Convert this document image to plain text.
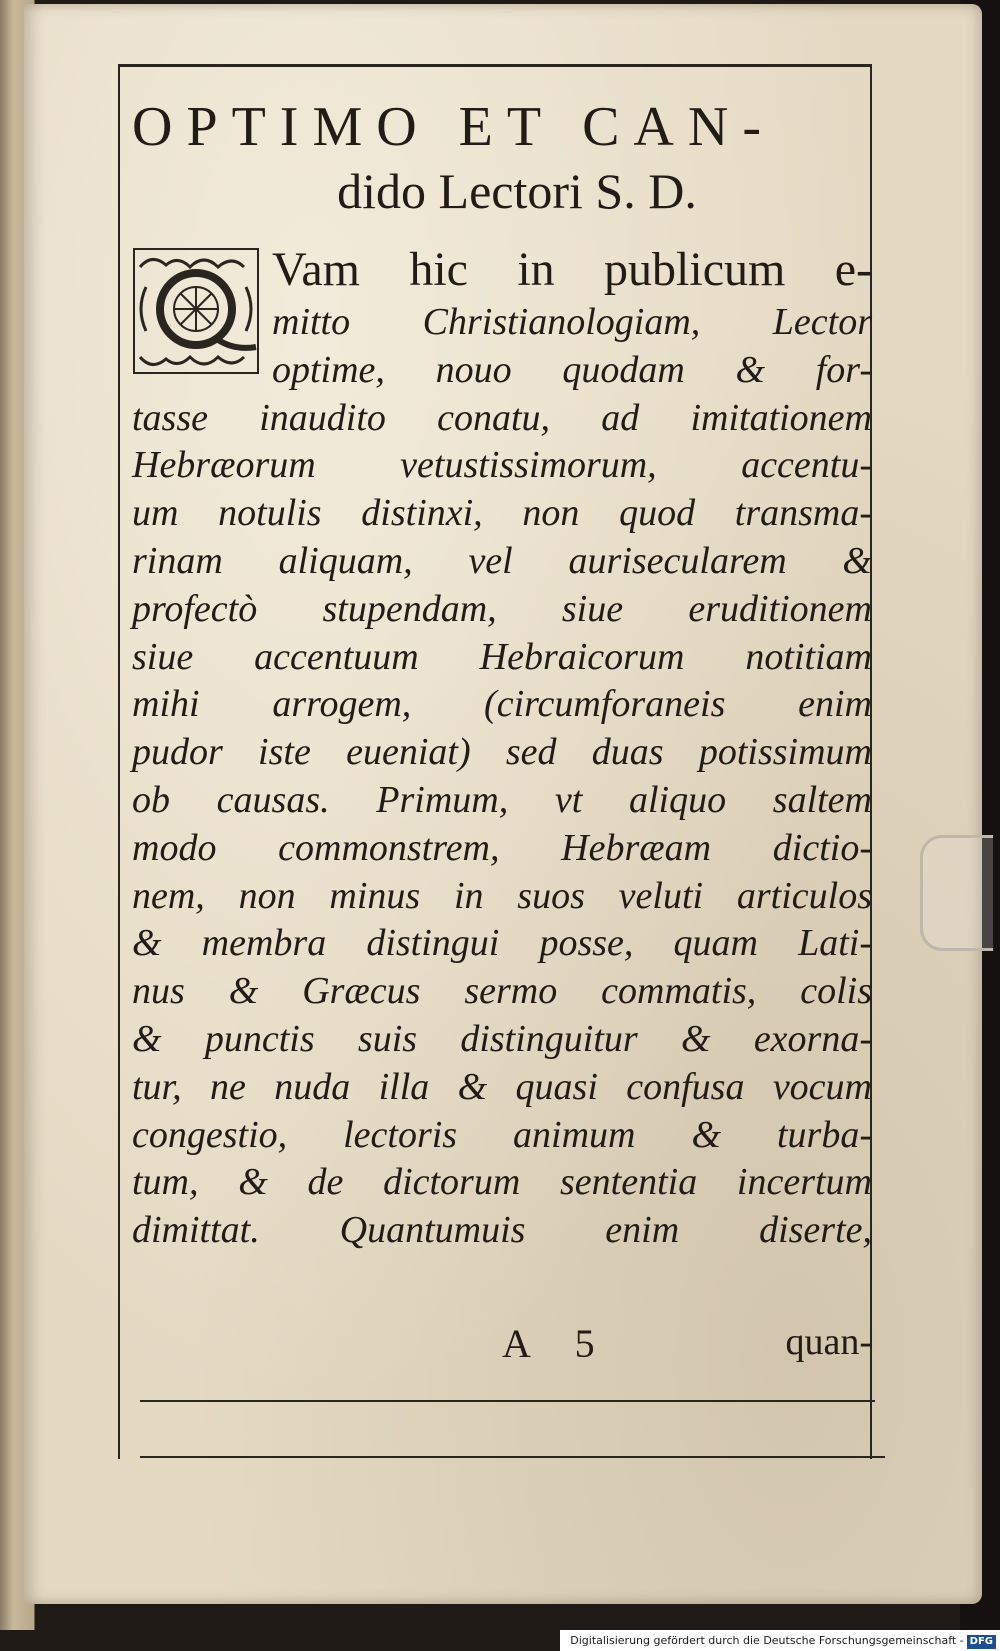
OPTIMO ET CAN-
dido Lectori S. D.
Vam hic in publicum e-
mitto Christianologiam, Lector
optime, nouo quodam & for-
tasse inaudito conatu, ad imitationem
Hebræorum vetustissimorum, accentu-
um notulis distinxi, non quod transma-
rinam aliquam, vel aurisecularem &
profectò stupendam, siue eruditionem
siue accentuum Hebraicorum notitiam
mihi arrogem, (circumforaneis enim
pudor iste eueniat) sed duas potissimum
ob causas. Primum, vt aliquo saltem
modo commonstrem, Hebræam dictio-
nem, non minus in suos veluti articulos
& membra distingui posse, quam Lati-
nus & Græcus sermo commatis, colis
& punctis suis distinguitur & exorna-
tur, ne nuda illa & quasi confusa vocum
congestio, lectoris animum & turba-
tum, & de dictorum sententia incertum
dimittat. Quantumuis enim diserte,
A 5	quan-
Digitalisierung gefördert durch die Deutsche Forschungsgemeinschaft - DFG
